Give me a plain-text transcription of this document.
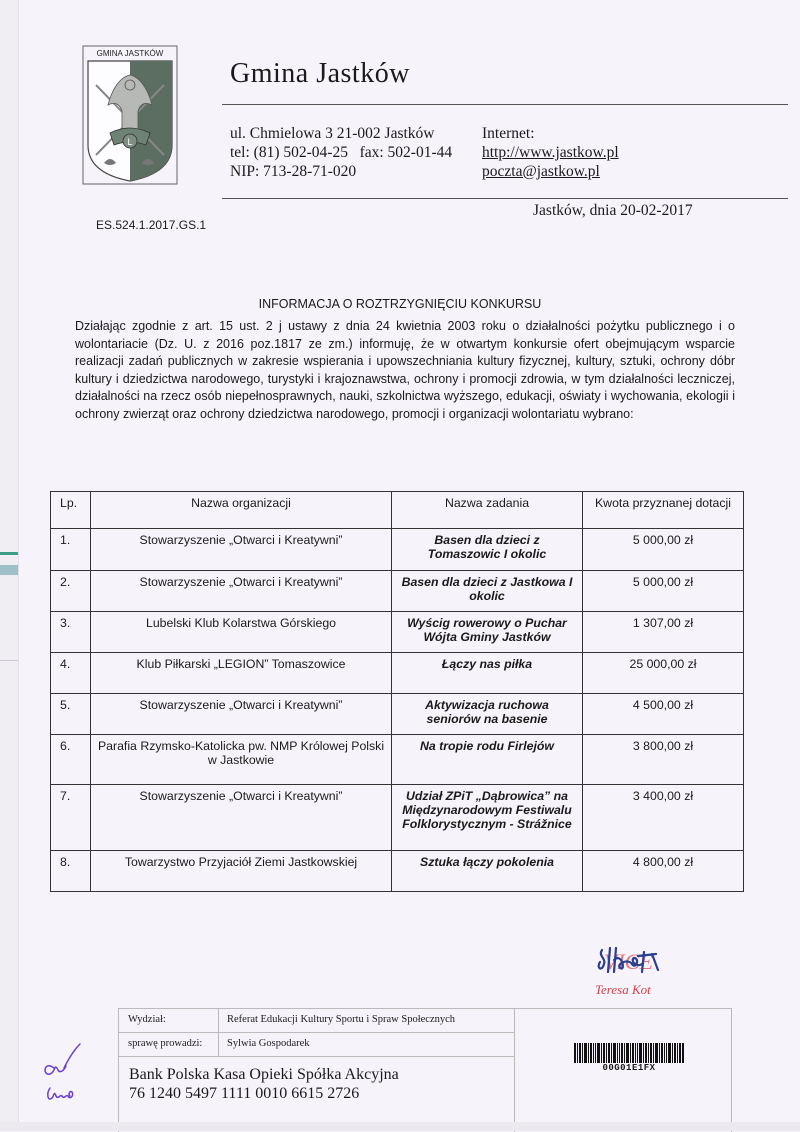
GMINA JASTKÓW
L
Gmina Jastków
ul. Chmielowa 3 21-002 Jastków
tel: (81) 502-04-25   fax: 502-01-44
NIP: 713-28-71-020
Internet:
http://www.jastkow.pl
poczta@jastkow.pl
Jastków, dnia 20-02-2017
ES.524.1.2017.GS.1
INFORMACJA O ROZTRZYGNIĘCIU KONKURSU
Działając zgodnie z art. 15 ust. 2 j ustawy z dnia 24 kwietnia 2003 roku o działalności pożytku publicznego i o wolontariacie (Dz. U. z 2016 poz.1817 ze zm.) informuję, że w otwartym konkursie ofert obejmującym wsparcie realizacji zadań publicznych w zakresie wspierania i upowszechniania kultury fizycznej, kultury, sztuki, ochrony dóbr kultury i dziedzictwa narodowego, turystyki i krajoznawstwa, ochrony i promocji zdrowia, w tym działalności leczniczej, działalności na rzecz osób niepełnosprawnych, nauki, szkolnictwa wyższego, edukacji, oświaty i wychowania, ekologii i ochrony zwierząt oraz ochrony dziedzictwa narodowego, promocji i organizacji wolontariatu wybrano:
Lp.	Nazwa organizacji	Nazwa zadania	Kwota przyznanej dotacji
1.	Stowarzyszenie „Otwarci i Kreatywni”	Basen dla dzieci z Tomaszowic I okolic	5 000,00 zł
2.	Stowarzyszenie „Otwarci i Kreatywni”	Basen dla dzieci z Jastkowa I okolic	5 000,00 zł
3.	Lubelski Klub Kolarstwa Górskiego	Wyścig rowerowy o Puchar Wójta Gminy Jastków	1 307,00 zł
4.	Klub Piłkarski „LEGION” Tomaszowice	Łączy nas piłka	25 000,00 zł
5.	Stowarzyszenie „Otwarci i Kreatywni”	Aktywizacja ruchowa seniorów na basenie	4 500,00 zł
6.	Parafia Rzymsko-Katolicka pw. NMP Królowej Polski w Jastkowie	Na tropie rodu Firlejów	3 800,00 zł
7.	Stowarzyszenie „Otwarci i Kreatywni”	Udział ZPiT „Dąbrowica” na Międzynarodowym Festiwalu Folklorystycznym - Strážnice	3 400,00 zł
8.	Towarzystwo Przyjaciół Ziemi Jastkowskiej	Sztuka łączy pokolenia	4 800,00 zł
VICE
Teresa Kot
Wydział:	Referat Edukacji Kultury Sportu i Spraw Społecznych
sprawę prowadzi: Sylwia Gospodarek
Bank Polska Kasa Opieki Spółka Akcyjna
76 1240 5497 1111 0010 6615 2726
00G01E1FX
